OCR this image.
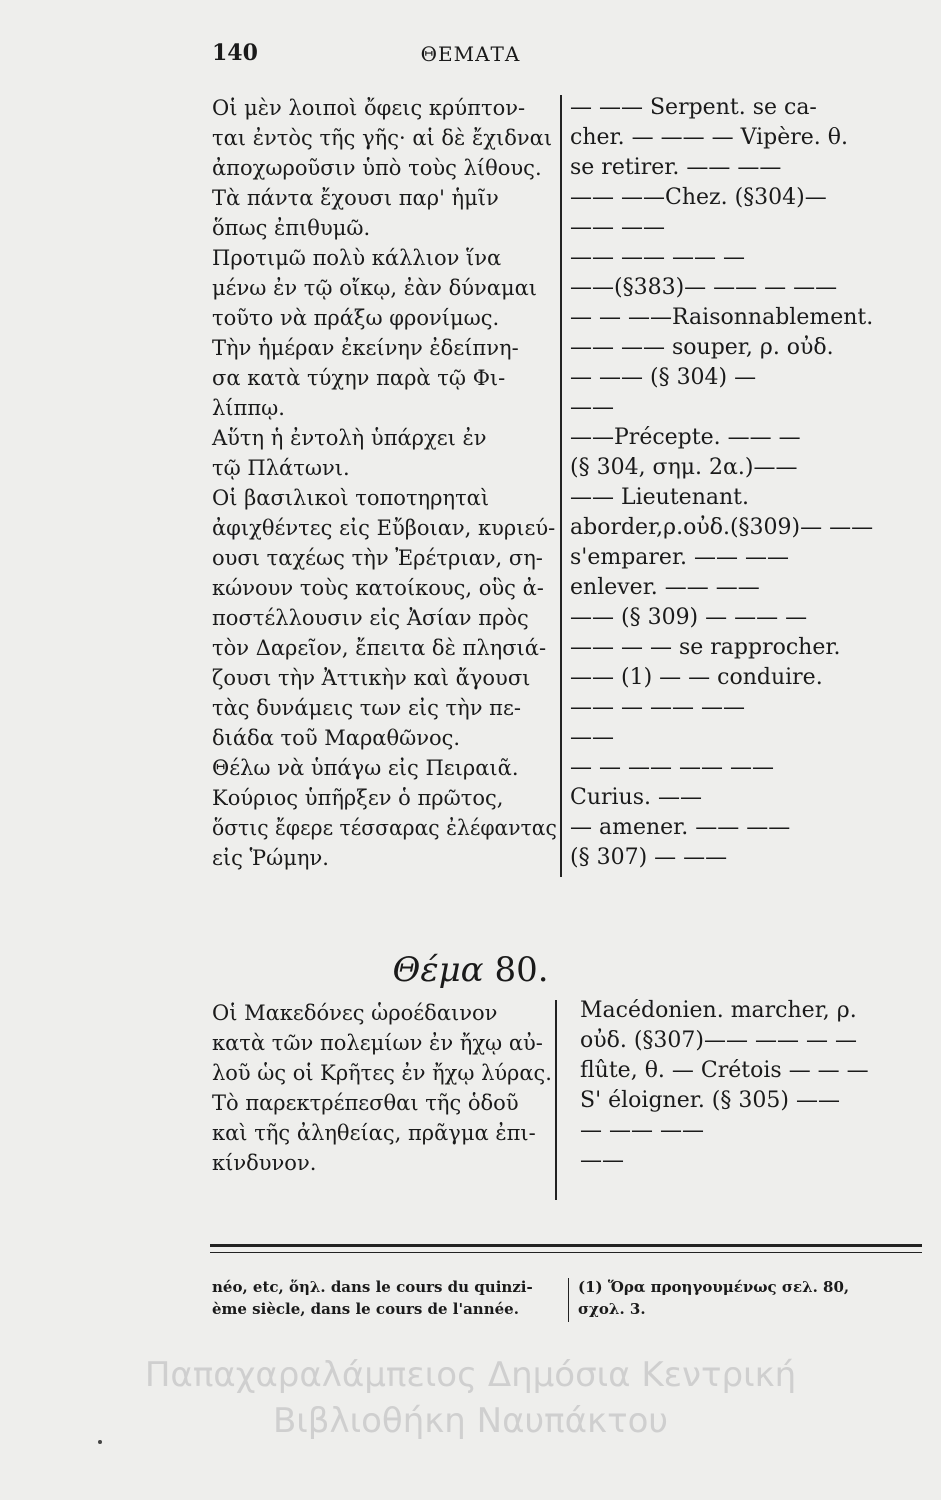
140	ΘΕΜΑΤΑ
Οἱ μὲν λοιποὶ ὄφεις κρύπτον-
ται ἐντὸς τῆς γῆς· αἱ δὲ ἔχιδναι
ἀποχωροῦσιν ὑπὸ τοὺς λίθους.
Τὰ πάντα ἔχουσι παρ' ἡμῖν
ὅπως ἐπιθυμῶ.
Προτιμῶ πολὺ κάλλιον ἵνα
μένω ἐν τῷ οἴκῳ, ἐὰν δύναμαι
τοῦτο νὰ πράξω φρονίμως.
Τὴν ἡμέραν ἐκείνην ἐδείπνη-
σα κατὰ τύχην παρὰ τῷ Φι-
λίππῳ.
Αὕτη ἡ ἐντολὴ ὑπάρχει ἐν
τῷ Πλάτωνι.
Οἱ βασιλικοὶ τοποτηρηταὶ
ἀφιχθέντες εἰς Εὔβοιαν, κυριεύ-
ουσι ταχέως τὴν Ἐρέτριαν, ση-
κώνουν τοὺς κατοίκους, οὓς ἀ-
ποστέλλουσιν εἰς Ἀσίαν πρὸς
τὸν Δαρεῖον, ἔπειτα δὲ πλησιά-
ζουσι τὴν Ἀττικὴν καὶ ἄγουσι
τὰς δυνάμεις των εἰς τὴν πε-
διάδα τοῦ Μαραθῶνος.
Θέλω νὰ ὑπάγω εἰς Πειραιᾶ.
Κούριος ὑπῆρξεν ὁ πρῶτος,
ὅστις ἔφερε τέσσαρας ἐλέφαντας
εἰς Ῥώμην.
— —— Serpent. se ca-
cher. — —— — Vipère. θ.
se retirer. —— ——
—— ——Chez. (§304)—
—— ——
—— —— —— —
——(§383)— —— — ——
— — ——Raisonnablement.
—— —— souper, ρ. οὐδ.
— —— (§ 304) —
——
——Précepte. —— —
(§ 304, σημ. 2α.)——
—— Lieutenant.
aborder,ρ.οὐδ.(§309)— ——
s'emparer. —— ——
enlever. —— ——
—— (§ 309) — —— —
—— — — se rapprocher.
—— (1) — — conduire.
—— — —— ——
——
— — —— —— ——
Curius. ——
— amener. —— ——
(§ 307) — ——
Θέμα 80.
Οἱ Μακεδόνες ὡροέδαινον
κατὰ τῶν πολεμίων ἐν ἤχῳ αὐ-
λοῦ ὡς οἱ Κρῆτες ἐν ἤχῳ λύρας.
Τὸ παρεκτρέπεσθαι τῆς ὁδοῦ
καὶ τῆς ἀληθείας, πρᾶγμα ἐπι-
κίνδυνον.
Macédonien. marcher, ρ.
οὐδ. (§307)—— —— — —
flûte, θ. — Crétois — — —
S' éloigner. (§ 305) ——
— —— ——
——
néo, etc, ὅηλ. dans le cours du quinzi-
ème siècle, dans le cours de l'année.
(1) Ὅρα προηγουμένως σελ. 80,
σχολ. 3.
Παπαχαραλάμπειος Δημόσια Κεντρική
Βιβλιοθήκη Ναυπάκτου
